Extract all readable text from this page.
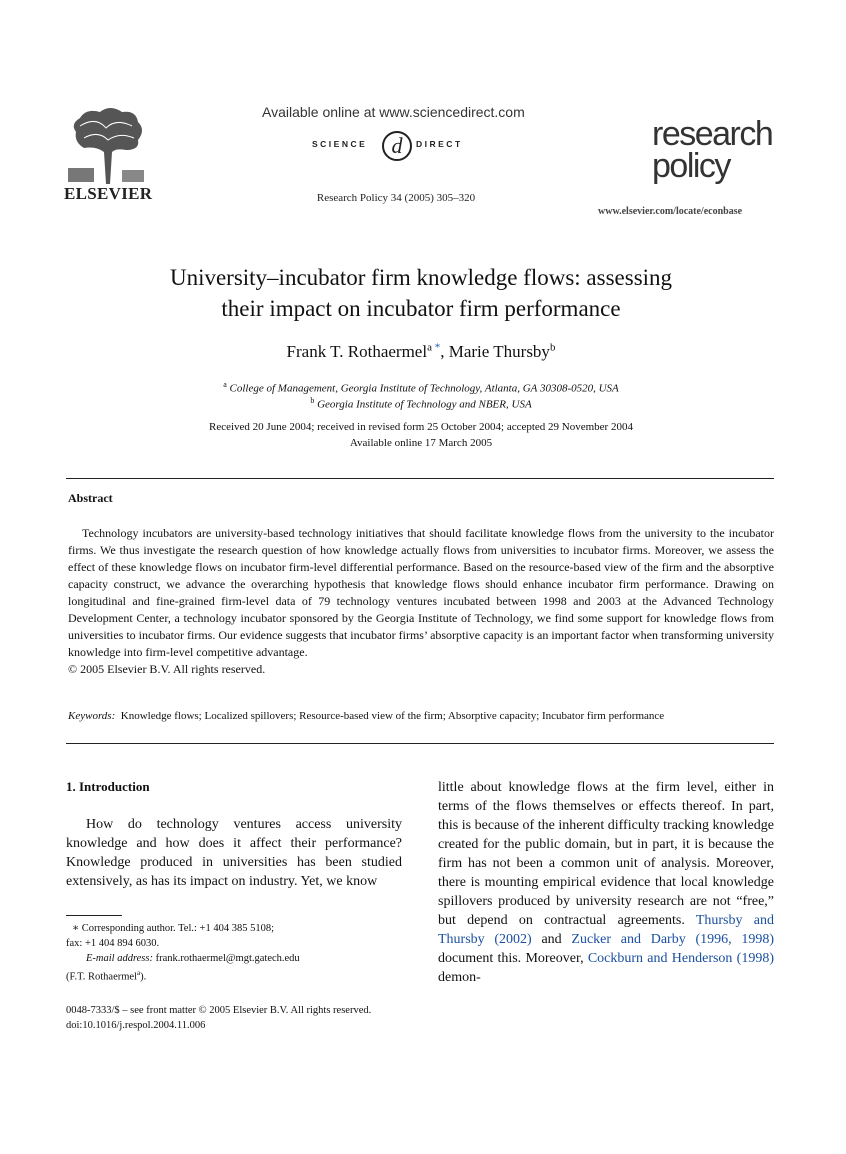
ELSEVIER
Available online at www.sciencedirect.com
SCIENCE d DIRECT
Research Policy 34 (2005) 305–320
research
policy
www.elsevier.com/locate/econbase
University–incubator firm knowledge flows: assessing
their impact on incubator firm performance
Frank T. Rothaermel$^a$ *, Marie Thursby$^b$
$^a$ College of Management, Georgia Institute of Technology, Atlanta, GA 30308-0520, USA
$^b$ Georgia Institute of Technology and NBER, USA
Received 20 June 2004; received in revised form 25 October 2004; accepted 29 November 2004
Available online 17 March 2005
Abstract
Technology incubators are university-based technology initiatives that should facilitate knowledge flows from the university to the incubator firms. We thus investigate the research question of how knowledge actually flows from universities to incubator firms. Moreover, we assess the effect of these knowledge flows on incubator firm-level differential performance. Based on the resource-based view of the firm and the absorptive capacity construct, we advance the overarching hypothesis that knowledge flows should enhance incubator firm performance. Drawing on longitudinal and fine-grained firm-level data of 79 technology ventures incubated between 1998 and 2003 at the Advanced Technology Development Center, a technology incubator sponsored by the Georgia Institute of Technology, we find some support for knowledge flows from universities to incubator firms. Our evidence suggests that incubator firms’ absorptive capacity is an important factor when transforming university knowledge into firm-level competitive advantage.
© 2005 Elsevier B.V. All rights reserved.
Keywords: Knowledge flows; Localized spillovers; Resource-based view of the firm; Absorptive capacity; Incubator firm performance
1. Introduction
How do technology ventures access university knowledge and how does it affect their performance? Knowledge produced in universities has been studied extensively, as has its impact on industry. Yet, we know
∗ Corresponding author. Tel.: +1 404 385 5108;
fax: +1 404 894 6030.
E-mail address: frank.rothaermel@mgt.gatech.edu
(F.T. Rothaermel$^a$).
0048-7333/$ – see front matter © 2005 Elsevier B.V. All rights reserved.
doi:10.1016/j.respol.2004.11.006
little about knowledge flows at the firm level, either in terms of the flows themselves or effects thereof. In part, this is because of the inherent difficulty tracking knowledge created for the public domain, but in part, it is because the firm has not been a common unit of analysis. Moreover, there is mounting empirical evidence that local knowledge spillovers produced by university research are not “free,” but depend on contractual agreements. Thursby and Thursby (2002) and Zucker and Darby (1996, 1998) document this. Moreover, Cockburn and Henderson (1998) demon-
